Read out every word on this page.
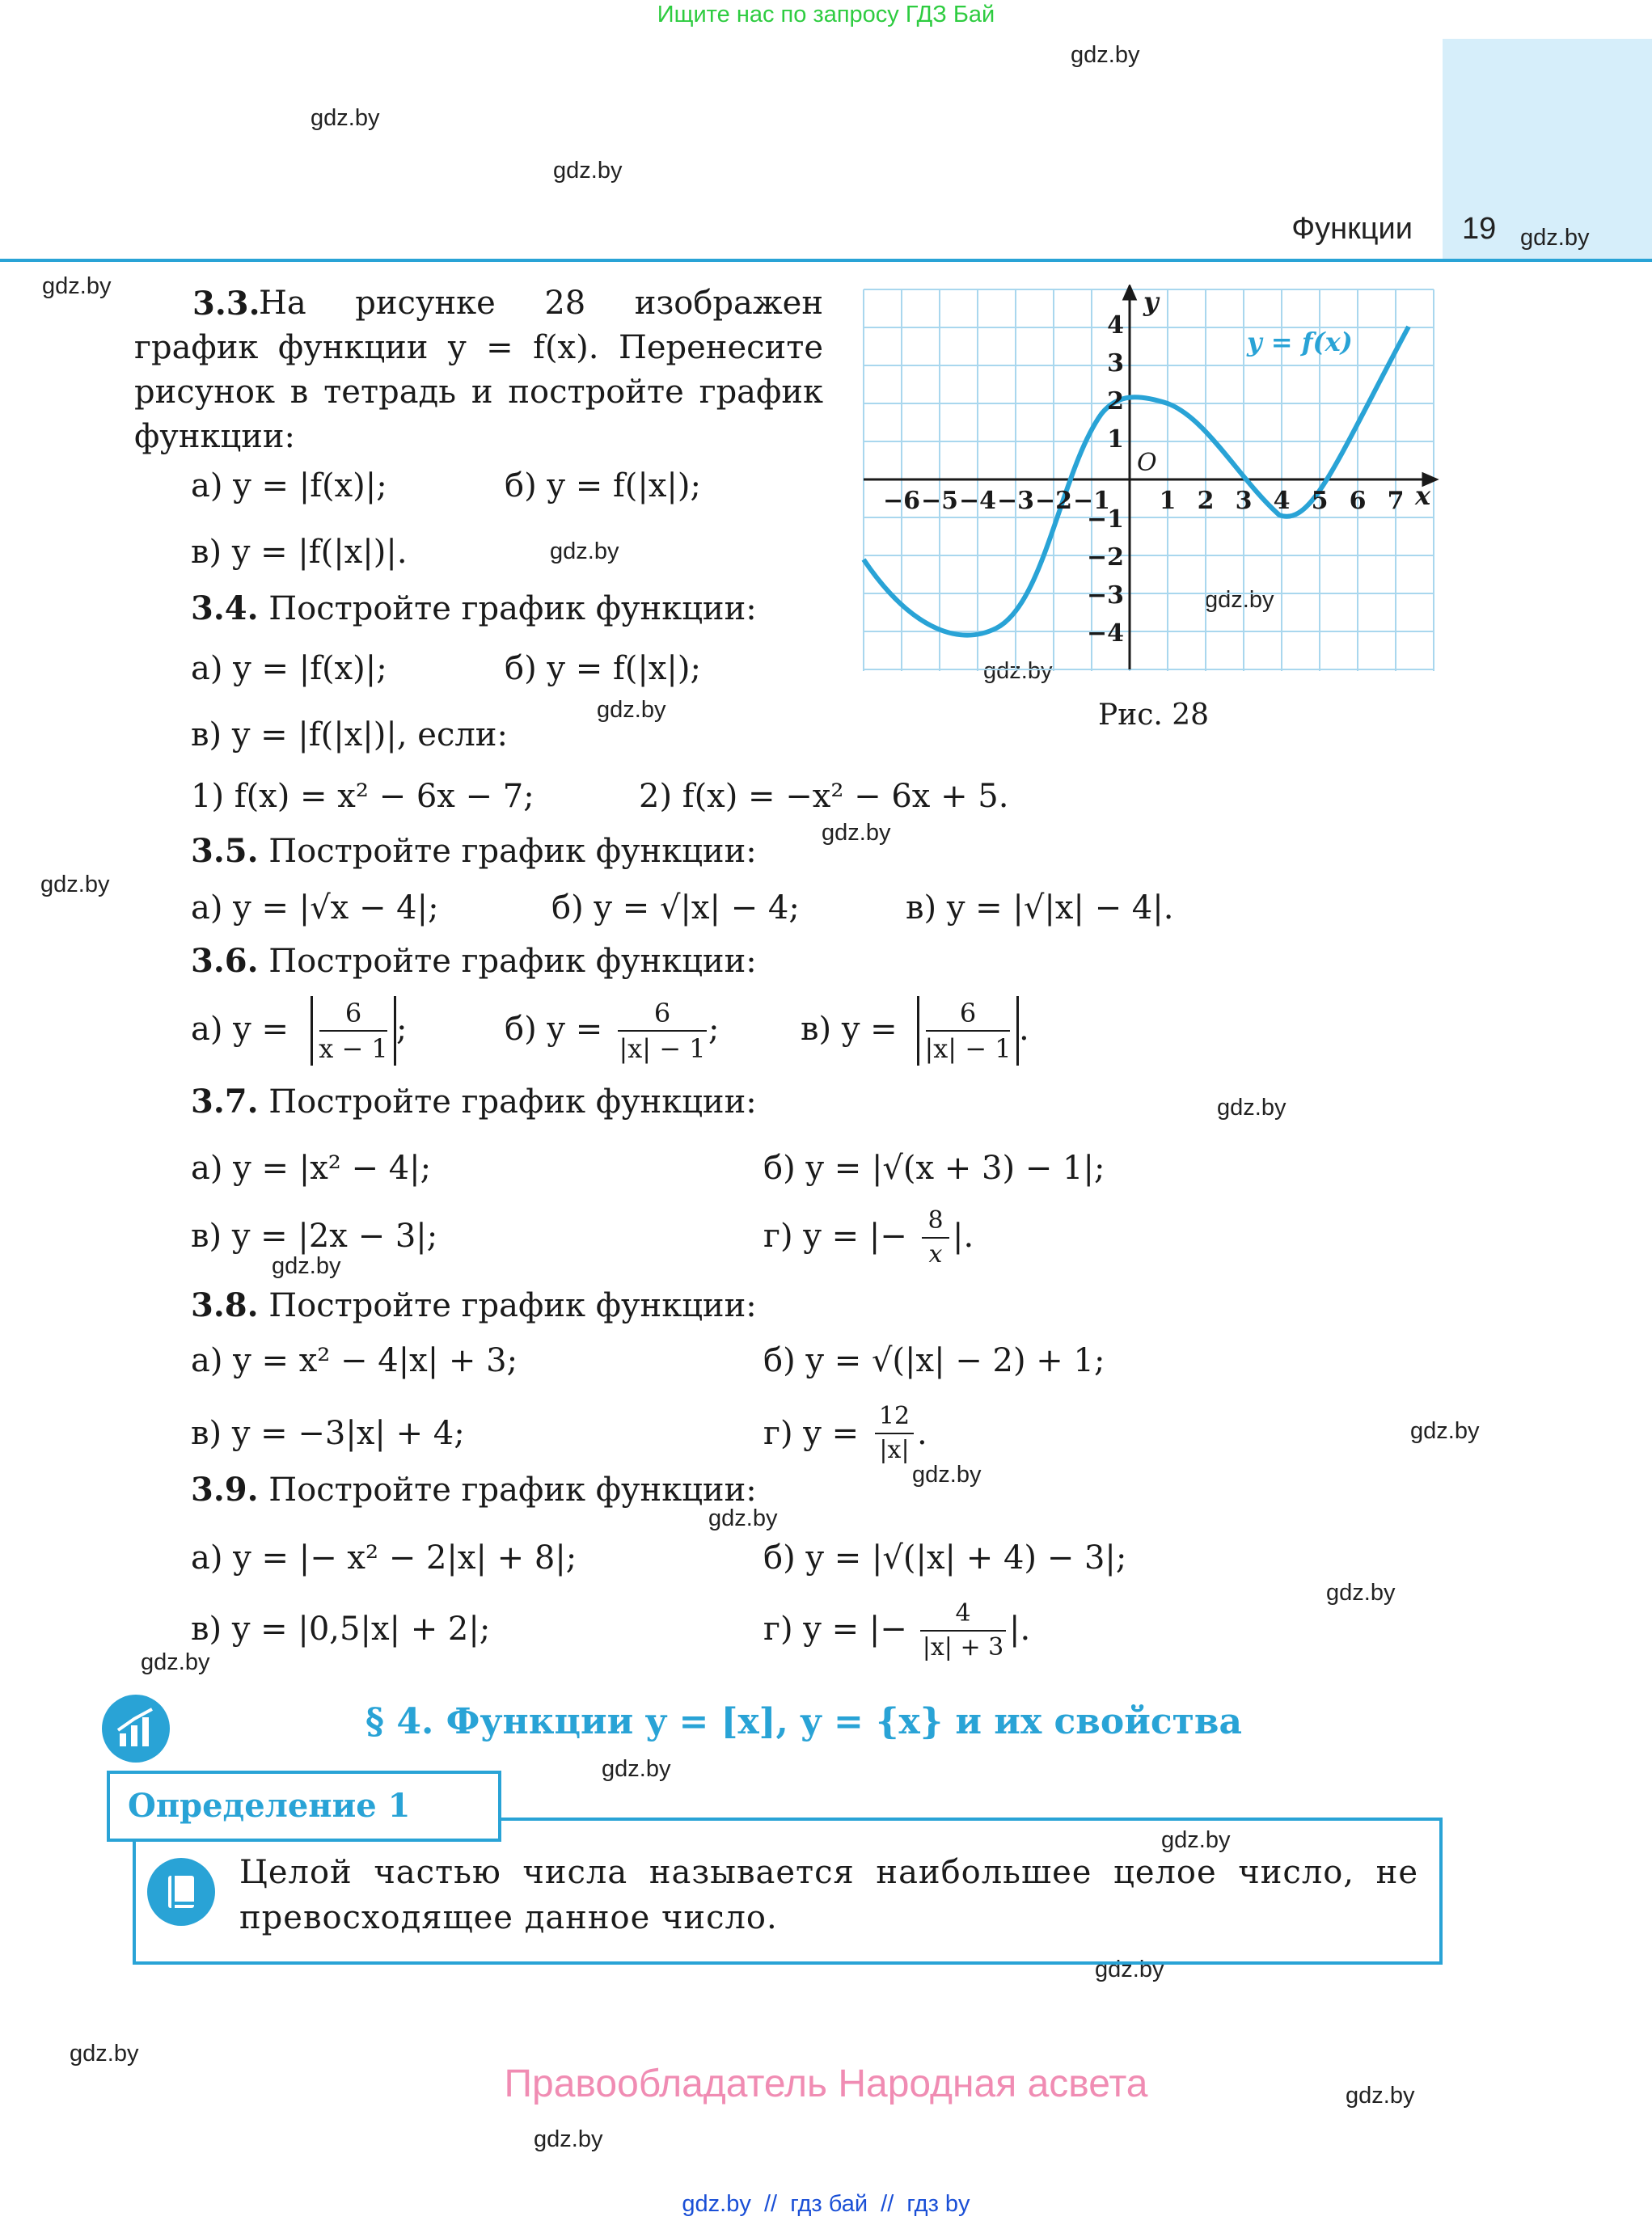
Ищите нас по запросу ГДЗ Бай
Функции 19
gdz.by
gdz.by
gdz.by
gdz.by
gdz.by
gdz.by
gdz.by
gdz.by
gdz.by
gdz.by
gdz.by
gdz.by
gdz.by
gdz.by
gdz.by
gdz.by
gdz.by
gdz.by
gdz.by
gdz.by
gdz.by
gdz.by
gdz.by
gdz.by
3.3.
На рисунке 28 изображен график функции y = f(x). Перенесите рисунок в тетрадь и постройте график функции:
а) y = |f(x)|;	б) y = f(|x|);
в) y = |f(|x|)|.
−6 −5 −4 −3 −2 −1 1 2 3 4 5 6 7
4
3
2
1
−1
−2
−3
−4
O
x
y
y = f(x)
Рис. 28
3.4. Постройте график функции:
а) y = |f(x)|;	б) y = f(|x|);
в) y = |f(|x|)|, если:
1) f(x) = x² − 6x − 7;	2) f(x) = −x² − 6x + 5.
3.5. Постройте график функции:
а) y = |√x − 4|;	б) y = √|x| − 4;	в) y = |√|x| − 4|.
3.6. Постройте график функции:
а) $y = \frac{6}{x - 1}$ ;	б) $y = \frac{6}{|x| - 1}$ ;	в) $y = \frac{6}{|x| - 1}$ .
3.7. Постройте график функции:
а) y = |x² − 4|;	б) y = |√(x + 3) − 1|;
в) y = |2x − 3|;	г) y = |− $\frac{8}{x}$ |.
3.8. Постройте график функции:
а) y = x² − 4|x| + 3;	б) y = √(|x| − 2) + 1;
в) y = −3|x| + 4;	г) $y = \frac{12}{|x|}$ .
3.9. Постройте график функции:
а) y = |− x² − 2|x| + 8|;	б) y = |√(|x| + 4) − 3|;
в) y = |0,5|x| + 2|;	г) y = |− $\frac{4}{|x| + 3}$ |.
§ 4. Функции y = [x], y = {x} и их свойства
Определение 1
Целой частью числа называется наибольшее целое число, не превосходящее данное число.
Правообладатель Народная асвета
gdz.by  //  гдз бай  //  гдз by
